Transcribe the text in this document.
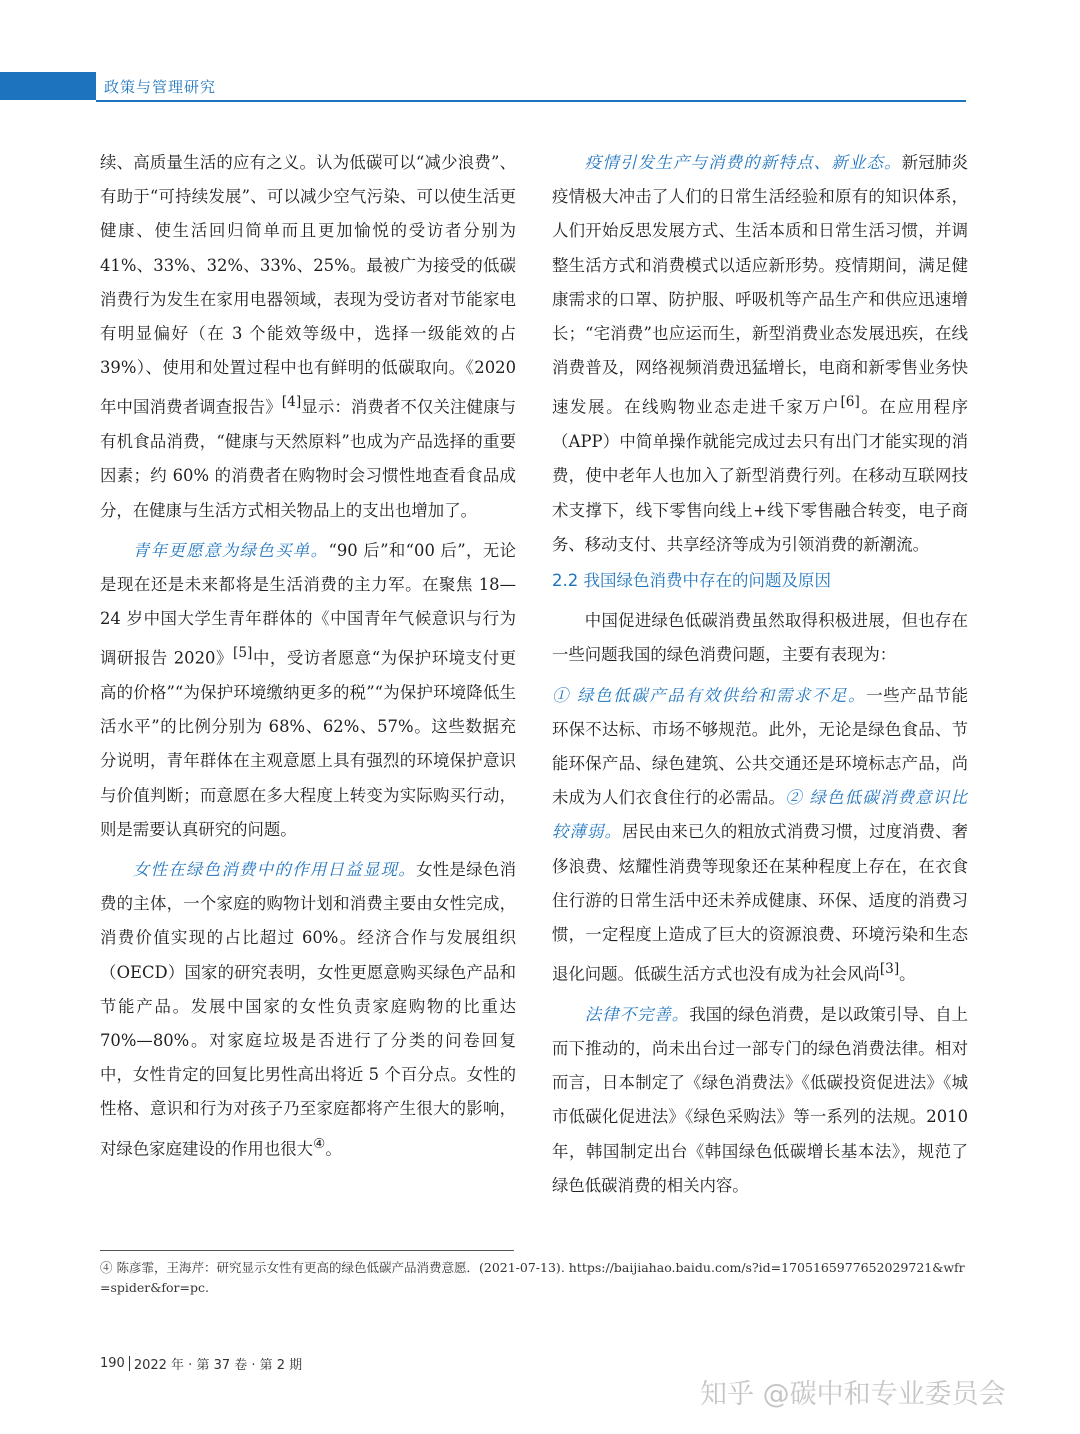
政策与管理研究

续、高质量生活的应有之义。认为低碳可以“减少浪费”、有助于“可持续发展”、可以减少空气污染、可以使生活更健康、使生活回归简单而且更加愉悦的受访者分别为41%、33%、32%、33%、25%。最被广为接受的低碳消费行为发生在家用电器领域，表现为受访者对节能家电有明显偏好（在 3 个能效等级中，选择一级能效的占 39%）、使用和处置过程中也有鲜明的低碳取向。《2020 年中国消费者调查报告》[4]显示：消费者不仅关注健康与有机食品消费，“健康与天然原料”也成为产品选择的重要因素；约 60% 的消费者在购物时会习惯性地查看食品成分，在健康与生活方式相关物品上的支出也增加了。

青年更愿意为绿色买单。“90 后”和“00 后”，无论是现在还是未来都将是生活消费的主力军。在聚焦 18—24 岁中国大学生青年群体的《中国青年气候意识与行为调研报告 2020》[5]中，受访者愿意“为保护环境支付更高的价格”“为保护环境缴纳更多的税”“为保护环境降低生活水平”的比例分别为 68%、62%、57%。这些数据充分说明，青年群体在主观意愿上具有强烈的环境保护意识与价值判断；而意愿在多大程度上转变为实际购买行动，则是需要认真研究的问题。

女性在绿色消费中的作用日益显现。女性是绿色消费的主体，一个家庭的购物计划和消费主要由女性完成，消费价值实现的占比超过 60%。经济合作与发展组织（OECD）国家的研究表明，女性更愿意购买绿色产品和节能产品。发展中国家的女性负责家庭购物的比重达 70%—80%。对家庭垃圾是否进行了分类的问卷回复中，女性肯定的回复比男性高出将近 5 个百分点。女性的性格、意识和行为对孩子乃至家庭都将产生很大的影响，对绿色家庭建设的作用也很大④。

疫情引发生产与消费的新特点、新业态。新冠肺炎疫情极大冲击了人们的日常生活经验和原有的知识体系，人们开始反思发展方式、生活本质和日常生活习惯，并调整生活方式和消费模式以适应新形势。疫情期间，满足健康需求的口罩、防护服、呼吸机等产品生产和供应迅速增长；“宅消费”也应运而生，新型消费业态发展迅疾，在线消费普及，网络视频消费迅猛增长，电商和新零售业务快速发展。在线购物业态走进千家万户[6]。在应用程序（APP）中简单操作就能完成过去只有出门才能实现的消费，使中老年人也加入了新型消费行列。在移动互联网技术支撑下，线下零售向线上+线下零售融合转变，电子商务、移动支付、共享经济等成为引领消费的新潮流。

2.2 我国绿色消费中存在的问题及原因

中国促进绿色低碳消费虽然取得积极进展，但也存在一些问题我国的绿色消费问题，主要有表现为：

① 绿色低碳产品有效供给和需求不足。一些产品节能环保不达标、市场不够规范。此外，无论是绿色食品、节能环保产品、绿色建筑、公共交通还是环境标志产品，尚未成为人们衣食住行的必需品。② 绿色低碳消费意识比较薄弱。居民由来已久的粗放式消费习惯，过度消费、奢侈浪费、炫耀性消费等现象还在某种程度上存在，在衣食住行游的日常生活中还未养成健康、环保、适度的消费习惯，一定程度上造成了巨大的资源浪费、环境污染和生态退化问题。低碳生活方式也没有成为社会风尚[3]。

法律不完善。我国的绿色消费，是以政策引导、自上而下推动的，尚未出台过一部专门的绿色消费法律。相对而言，日本制定了《绿色消费法》《低碳投资促进法》《城市低碳化促进法》《绿色采购法》等一系列的法规。2010 年，韩国制定出台《韩国绿色低碳增长基本法》，规范了绿色低碳消费的相关内容。

④ 陈彦霏，王海芹：研究显示女性有更高的绿色低碳产品消费意愿．(2021-07-13). https://baijiahao.baidu.com/s?id=1705165977652029721&wfr=spider&for=pc.
190 2022 年 · 第 37 卷 · 第 2 期
知乎 @碳中和专业委员会
